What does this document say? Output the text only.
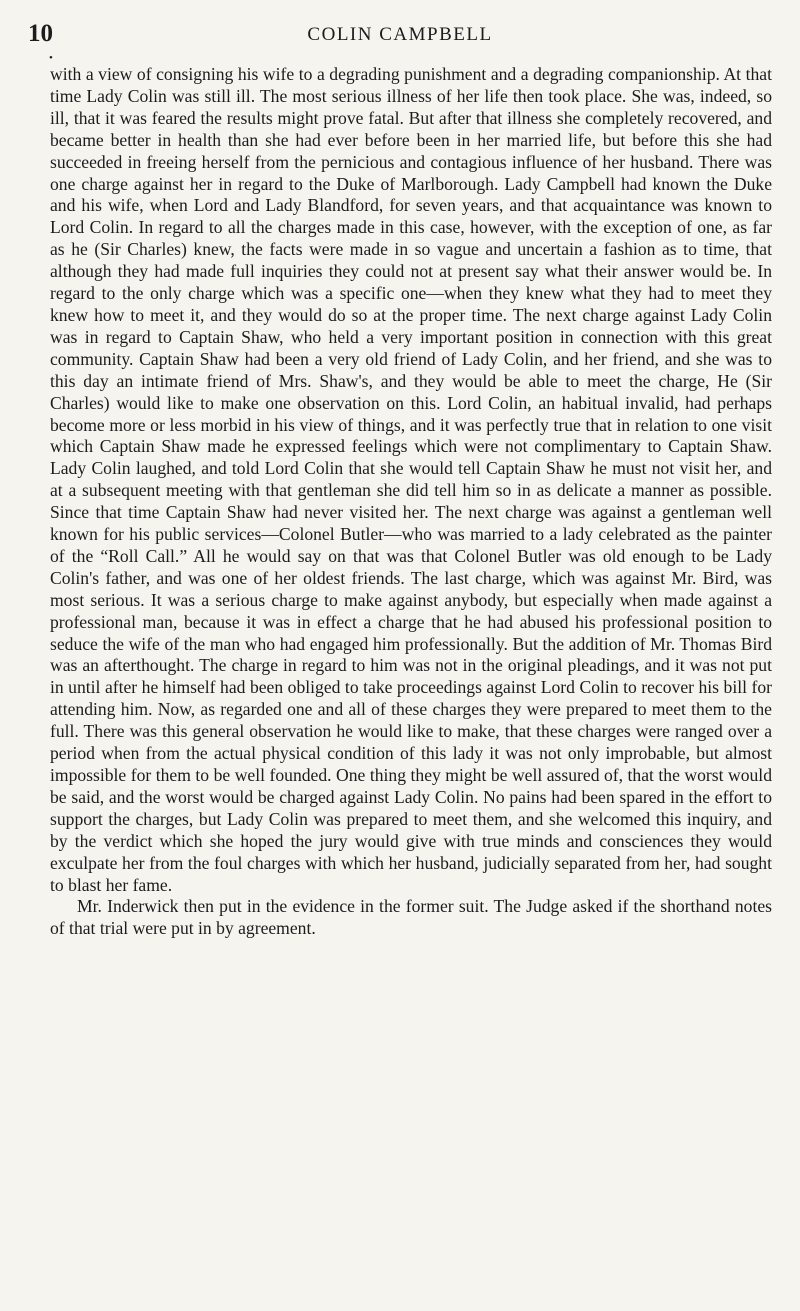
10	COLIN CAMPBELL
•

with a view of consigning his wife to a degrading punishment and a degrading companionship. At that time Lady Colin was still ill. The most serious illness of her life then took place. She was, indeed, so ill, that it was feared the results might prove fatal. But after that illness she completely recovered, and became better in health than she had ever before been in her married life, but before this she had succeeded in freeing herself from the pernicious and contagious influence of her husband. There was one charge against her in regard to the Duke of Marlborough. Lady Campbell had known the Duke and his wife, when Lord and Lady Blandford, for seven years, and that acquaintance was known to Lord Colin. In regard to all the charges made in this case, however, with the exception of one, as far as he (Sir Charles) knew, the facts were made in so vague and uncertain a fashion as to time, that although they had made full inquiries they could not at present say what their answer would be. In regard to the only charge which was a specific one—when they knew what they had to meet they knew how to meet it, and they would do so at the proper time. The next charge against Lady Colin was in regard to Captain Shaw, who held a very important position in connection with this great community. Captain Shaw had been a very old friend of Lady Colin, and her friend, and she was to this day an intimate friend of Mrs. Shaw's, and they would be able to meet the charge, He (Sir Charles) would like to make one observation on this. Lord Colin, an habitual invalid, had perhaps become more or less morbid in his view of things, and it was perfectly true that in relation to one visit which Captain Shaw made he expressed feelings which were not complimentary to Captain Shaw. Lady Colin laughed, and told Lord Colin that she would tell Captain Shaw he must not visit her, and at a subsequent meeting with that gentleman she did tell him so in as delicate a manner as possible. Since that time Captain Shaw had never visited her. The next charge was against a gentleman well known for his public services—Colonel Butler—who was married to a lady celebrated as the painter of the “Roll Call.” All he would say on that was that Colonel Butler was old enough to be Lady Colin's father, and was one of her oldest friends. The last charge, which was against Mr. Bird, was most serious. It was a serious charge to make against anybody, but especially when made against a professional man, because it was in effect a charge that he had abused his professional position to seduce the wife of the man who had engaged him professionally. But the addition of Mr. Thomas Bird was an afterthought. The charge in regard to him was not in the original pleadings, and it was not put in until after he himself had been obliged to take proceedings against Lord Colin to recover his bill for attending him. Now, as regarded one and all of these charges they were prepared to meet them to the full. There was this general observation he would like to make, that these charges were ranged over a period when from the actual physical condition of this lady it was not only improbable, but almost impossible for them to be well founded. One thing they might be well assured of, that the worst would be said, and the worst would be charged against Lady Colin. No pains had been spared in the effort to support the charges, but Lady Colin was prepared to meet them, and she welcomed this inquiry, and by the verdict which she hoped the jury would give with true minds and consciences they would exculpate her from the foul charges with which her husband, judicially separated from her, had sought to blast her fame.

Mr. Inderwick then put in the evidence in the former suit. The Judge asked if the shorthand notes of that trial were put in by agreement.
